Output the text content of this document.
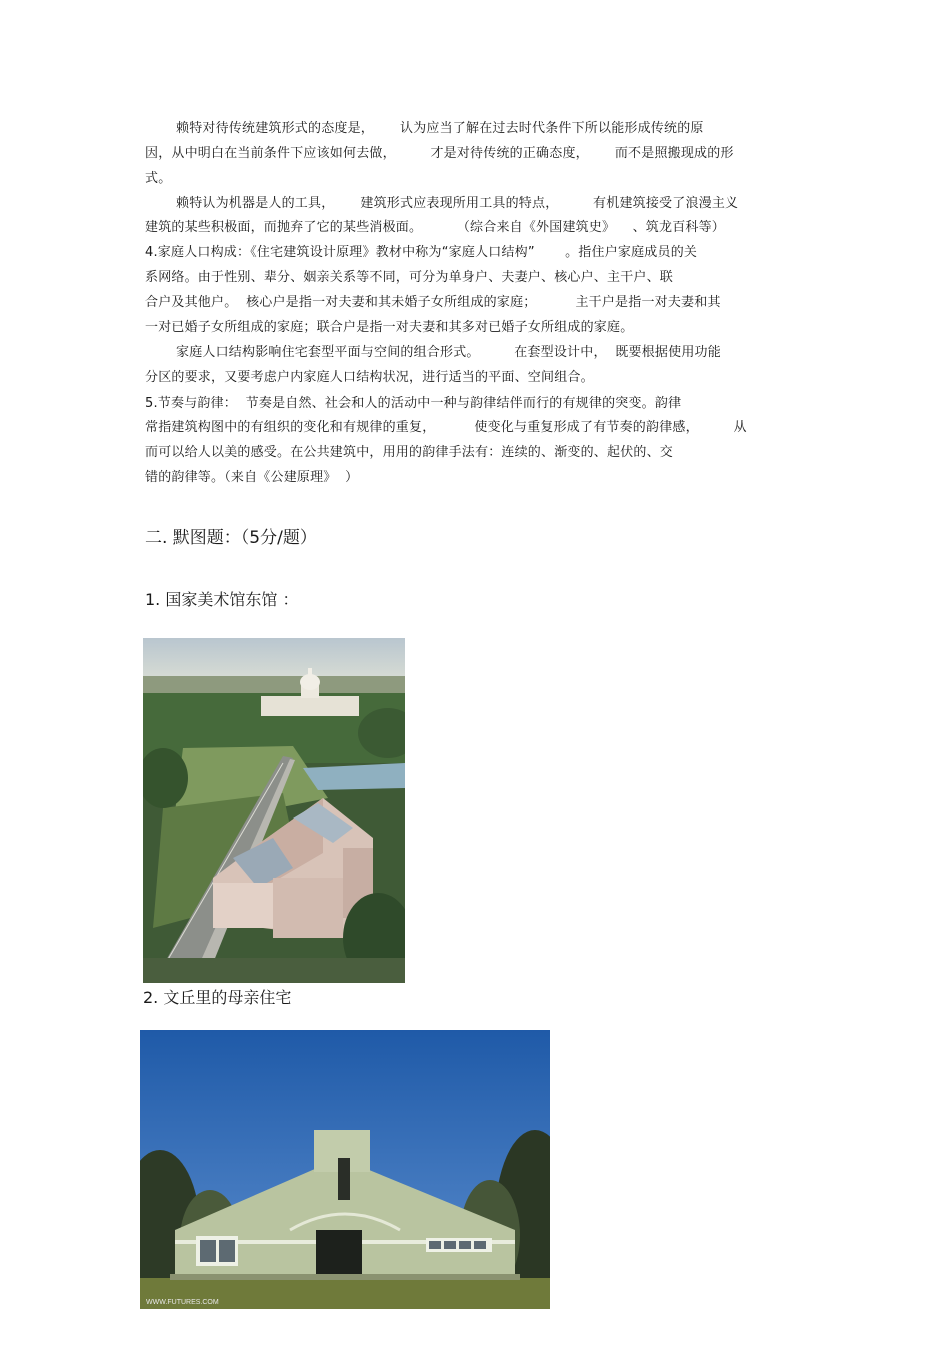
赖特对待传统建筑形式的态度是，      认为应当了解在过去时代条件下所以能形成传统的原
因，从中明白在当前条件下应该如何去做，        才是对待传统的正确态度，      而不是照搬现成的形
式。
赖特认为机器是人的工具，      建筑形式应表现所用工具的特点，        有机建筑接受了浪漫主义
建筑的某些积极面，而抛弃了它的某些消极面。        （综合来自《外国建筑史》    、筑龙百科等）
4.家庭人口构成：《住宅建筑设计原理》教材中称为“家庭人口结构”       。指住户家庭成员的关
系网络。由于性别、辈分、姻亲关系等不同，可分为单身户、夫妻户、核心户、主干户、联
合户及其他户。  核心户是指一对夫妻和其未婚子女所组成的家庭；         主干户是指一对夫妻和其
一对已婚子女所组成的家庭；联合户是指一对夫妻和其多对已婚子女所组成的家庭。
家庭人口结构影响住宅套型平面与空间的组合形式。        在套型设计中，  既要根据使用功能
分区的要求，又要考虑户内家庭人口结构状况，进行适当的平面、空间组合。
5.节奏与韵律：  节奏是自然、社会和人的活动中一种与韵律结伴而行的有规律的突变。韵律
常指建筑构图中的有组织的变化和有规律的重复，         使变化与重复形成了有节奏的韵律感，        从
而可以给人以美的感受。在公共建筑中，用用的韵律手法有：连续的、渐变的、起伏的、交
错的韵律等。（来自《公建原理》  ）
二. 默图题：（5分/题）
1. 国家美术馆东馆 ：
2. 文丘里的母亲住宅
WWW.FUTURES.COM
